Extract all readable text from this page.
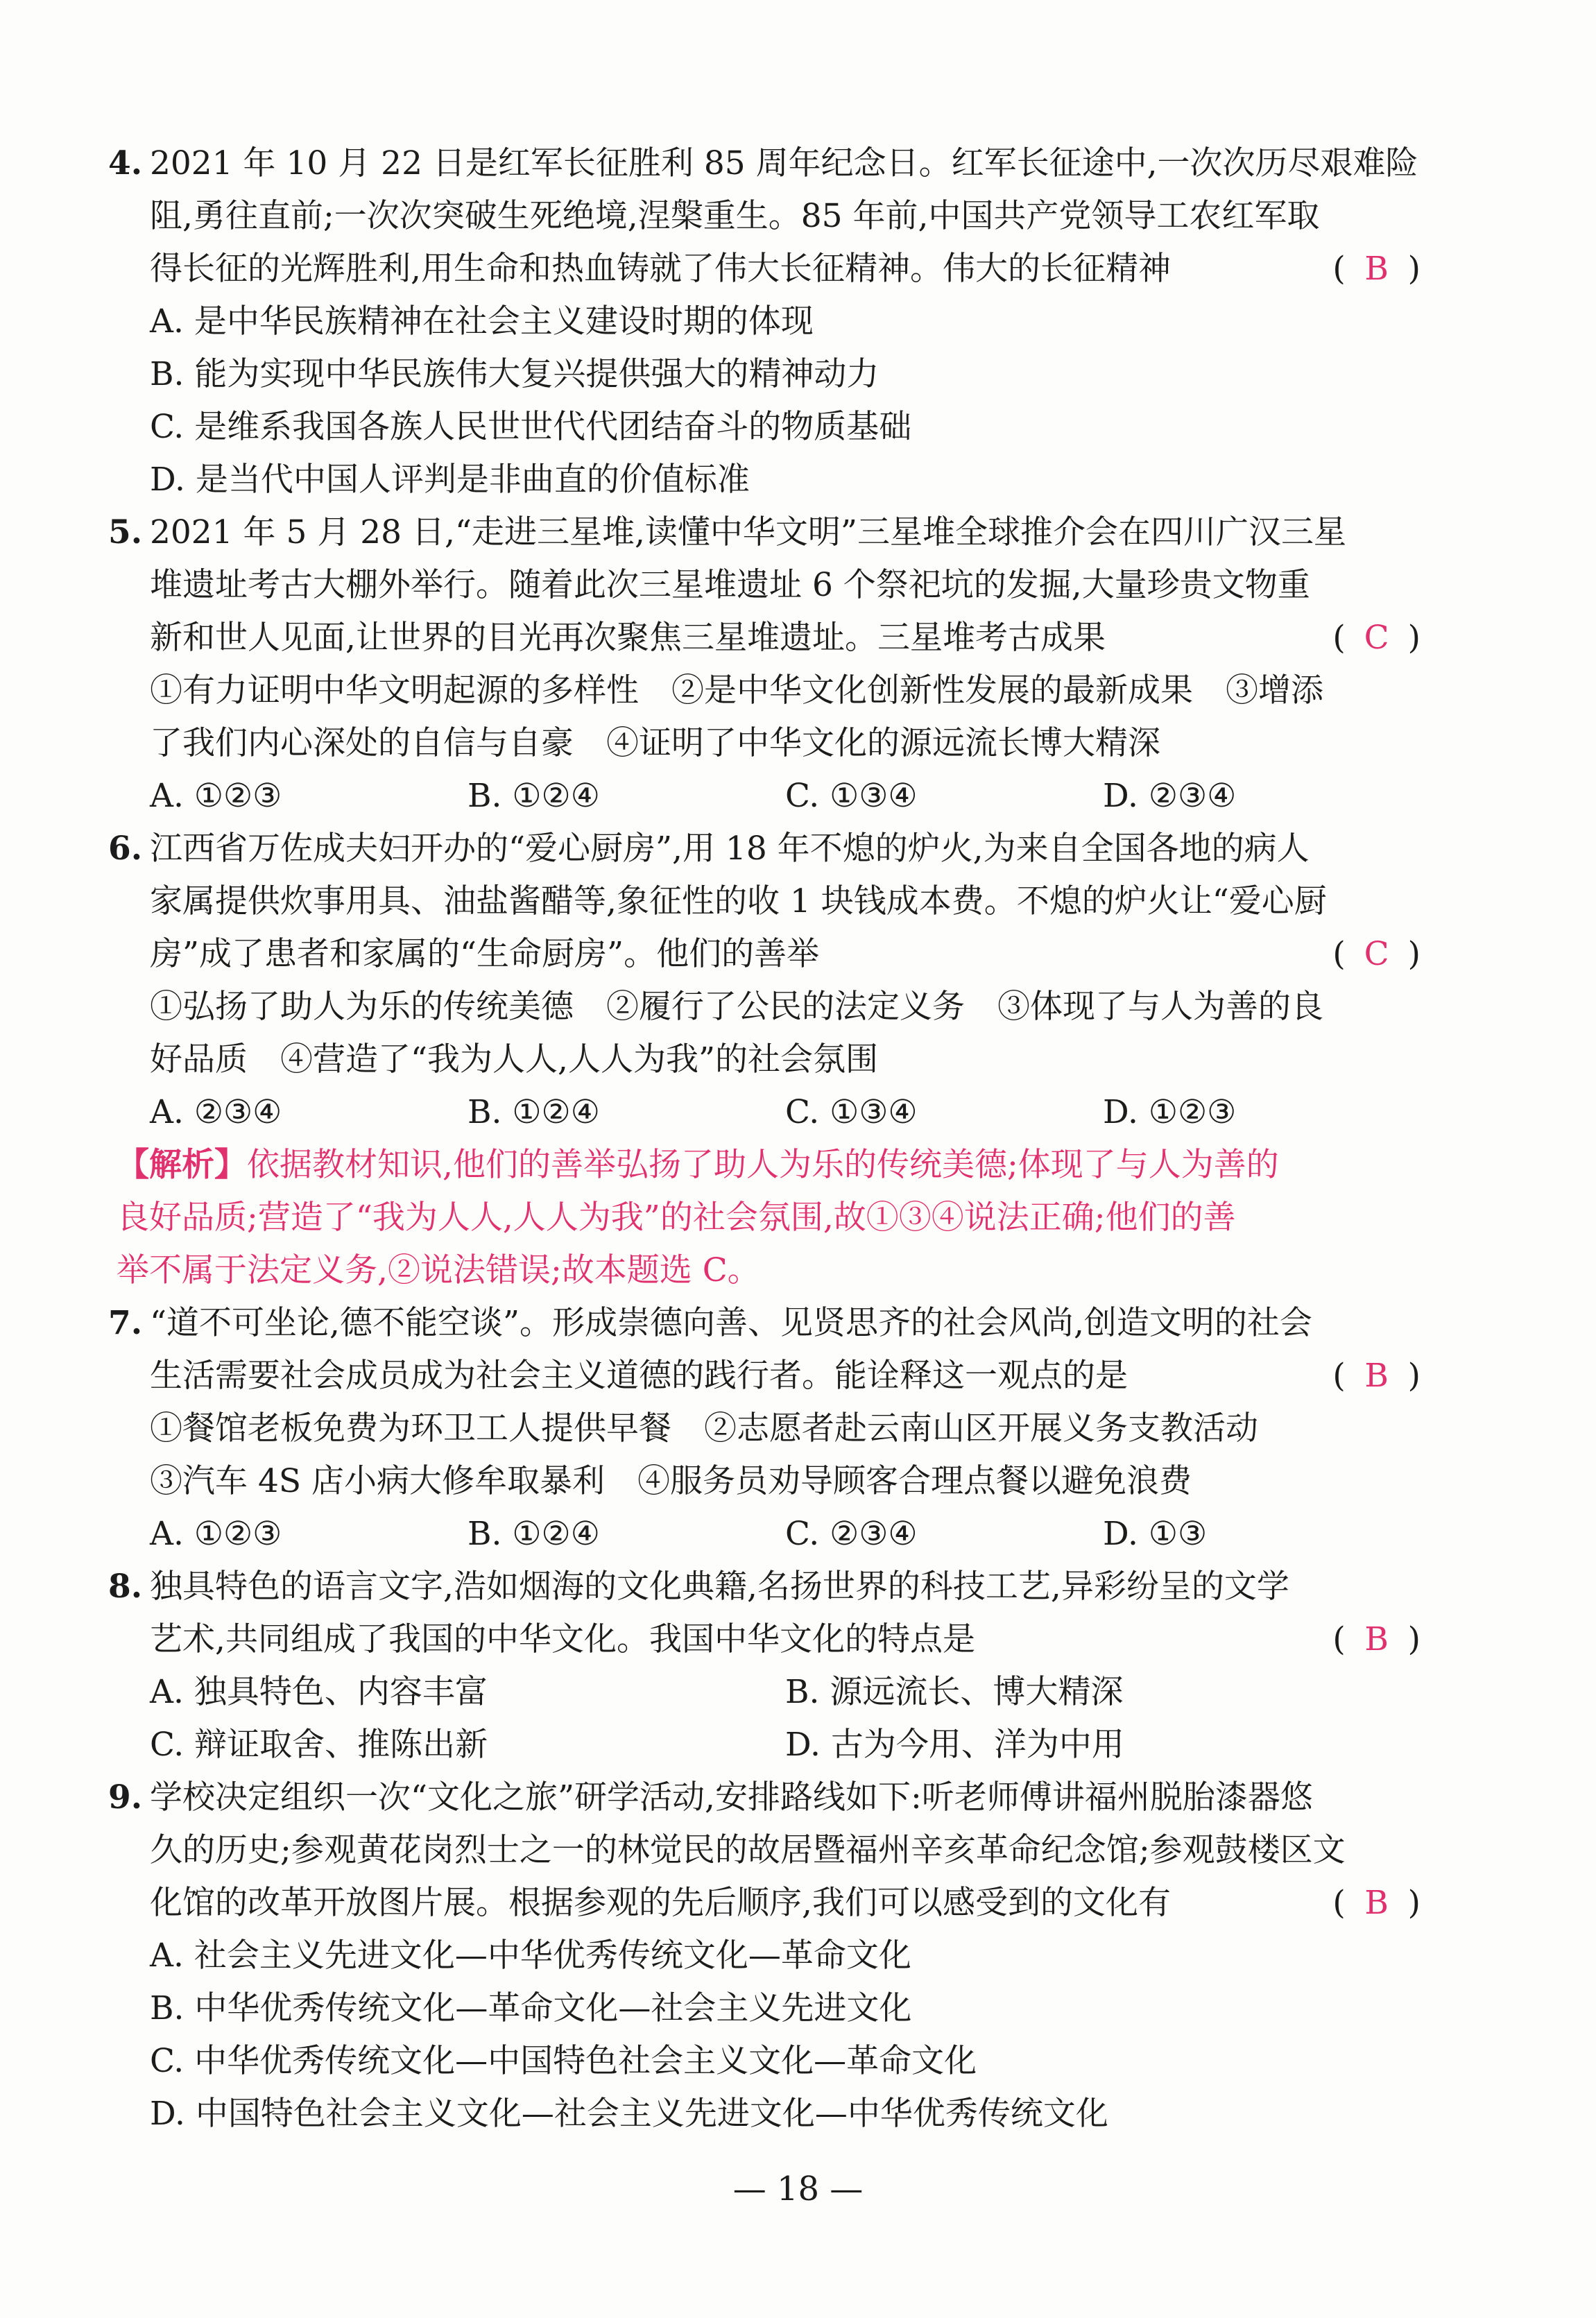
4. 2021 年 10 月 22 日是红军长征胜利 85 周年纪念日。红军长征途中,一次次历尽艰难险
阻,勇往直前;一次次突破生死绝境,涅槃重生。85 年前,中国共产党领导工农红军取
得长征的光辉胜利,用生命和热血铸就了伟大长征精神。伟大的长征精神	( B )
A. 是中华民族精神在社会主义建设时期的体现
B. 能为实现中华民族伟大复兴提供强大的精神动力
C. 是维系我国各族人民世世代代团结奋斗的物质基础
D. 是当代中国人评判是非曲直的价值标准
5. 2021 年 5 月 28 日,“走进三星堆,读懂中华文明”三星堆全球推介会在四川广汉三星
堆遗址考古大棚外举行。随着此次三星堆遗址 6 个祭祀坑的发掘,大量珍贵文物重
新和世人见面,让世界的目光再次聚焦三星堆遗址。三星堆考古成果	( C )
①有力证明中华文明起源的多样性　②是中华文化创新性发展的最新成果　③增添
了我们内心深处的自信与自豪　④证明了中华文化的源远流长博大精深
A. ①②③	B. ①②④	C. ①③④	D. ②③④
6. 江西省万佐成夫妇开办的“爱心厨房”,用 18 年不熄的炉火,为来自全国各地的病人
家属提供炊事用具、油盐酱醋等,象征性的收 1 块钱成本费。不熄的炉火让“爱心厨
房”成了患者和家属的“生命厨房”。他们的善举	( C )
①弘扬了助人为乐的传统美德　②履行了公民的法定义务　③体现了与人为善的良
好品质　④营造了“我为人人,人人为我”的社会氛围
A. ②③④	B. ①②④	C. ①③④	D. ①②③
【解析】依据教材知识,他们的善举弘扬了助人为乐的传统美德;体现了与人为善的
良好品质;营造了“我为人人,人人为我”的社会氛围,故①③④说法正确;他们的善
举不属于法定义务,②说法错误;故本题选 C。
7. “道不可坐论,德不能空谈”。形成崇德向善、见贤思齐的社会风尚,创造文明的社会
生活需要社会成员成为社会主义道德的践行者。能诠释这一观点的是	( B )
①餐馆老板免费为环卫工人提供早餐　②志愿者赴云南山区开展义务支教活动
③汽车 4S 店小病大修牟取暴利　④服务员劝导顾客合理点餐以避免浪费
A. ①②③	B. ①②④	C. ②③④	D. ①③
8. 独具特色的语言文字,浩如烟海的文化典籍,名扬世界的科技工艺,异彩纷呈的文学
艺术,共同组成了我国的中华文化。我国中华文化的特点是	( B )
A. 独具特色、内容丰富	B. 源远流长、博大精深
C. 辩证取舍、推陈出新	D. 古为今用、洋为中用
9. 学校决定组织一次“文化之旅”研学活动,安排路线如下:听老师傅讲福州脱胎漆器悠
久的历史;参观黄花岗烈士之一的林觉民的故居暨福州辛亥革命纪念馆;参观鼓楼区文
化馆的改革开放图片展。根据参观的先后顺序,我们可以感受到的文化有	( B )
A. 社会主义先进文化—中华优秀传统文化—革命文化
B. 中华优秀传统文化—革命文化—社会主义先进文化
C. 中华优秀传统文化—中国特色社会主义文化—革命文化
D. 中国特色社会主义文化—社会主义先进文化—中华优秀传统文化
— 18 —
